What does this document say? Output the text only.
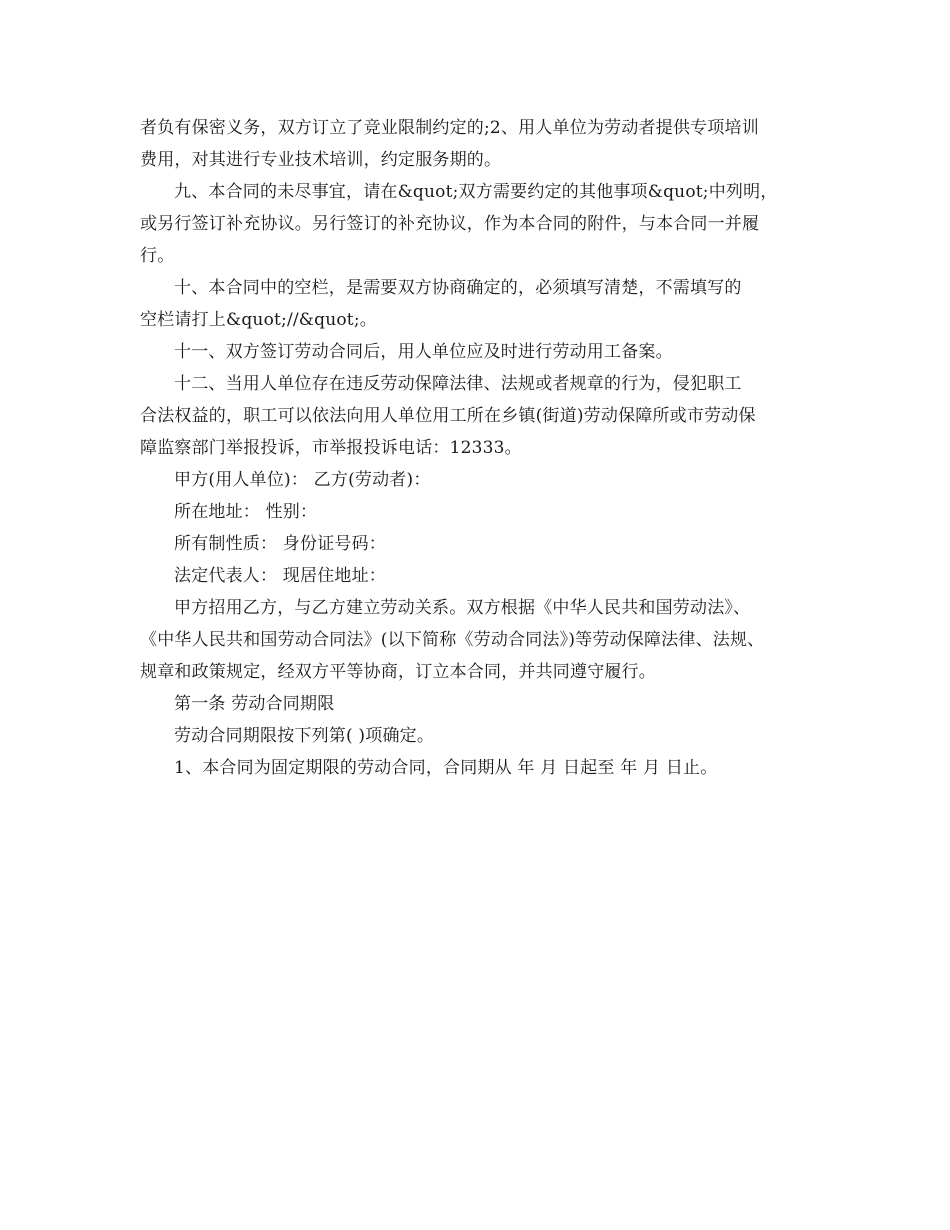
者负有保密义务，双方订立了竞业限制约定的;2、用人单位为劳动者提供专项培训
费用，对其进行专业技术培训，约定服务期的。
九、本合同的未尽事宜，请在&quot;双方需要约定的其他事项&quot;中列明，
或另行签订补充协议。另行签订的补充协议，作为本合同的附件，与本合同一并履
行。
十、本合同中的空栏，是需要双方协商确定的，必须填写清楚，不需填写的
空栏请打上&quot;//&quot;。
十一、双方签订劳动合同后，用人单位应及时进行劳动用工备案。
十二、当用人单位存在违反劳动保障法律、法规或者规章的行为，侵犯职工
合法权益的，职工可以依法向用人单位用工所在乡镇(街道)劳动保障所或市劳动保
障监察部门举报投诉，市举报投诉电话：12333。
甲方(用人单位)： 乙方(劳动者)：
所在地址： 性别：
所有制性质： 身份证号码：
法定代表人： 现居住地址：
甲方招用乙方，与乙方建立劳动关系。双方根据《中华人民共和国劳动法》、
《中华人民共和国劳动合同法》(以下简称《劳动合同法》)等劳动保障法律、法规、
规章和政策规定，经双方平等协商，订立本合同，并共同遵守履行。
第一条 劳动合同期限
劳动合同期限按下列第( )项确定。
1、本合同为固定期限的劳动合同，合同期从 年 月 日起至 年 月 日止。
